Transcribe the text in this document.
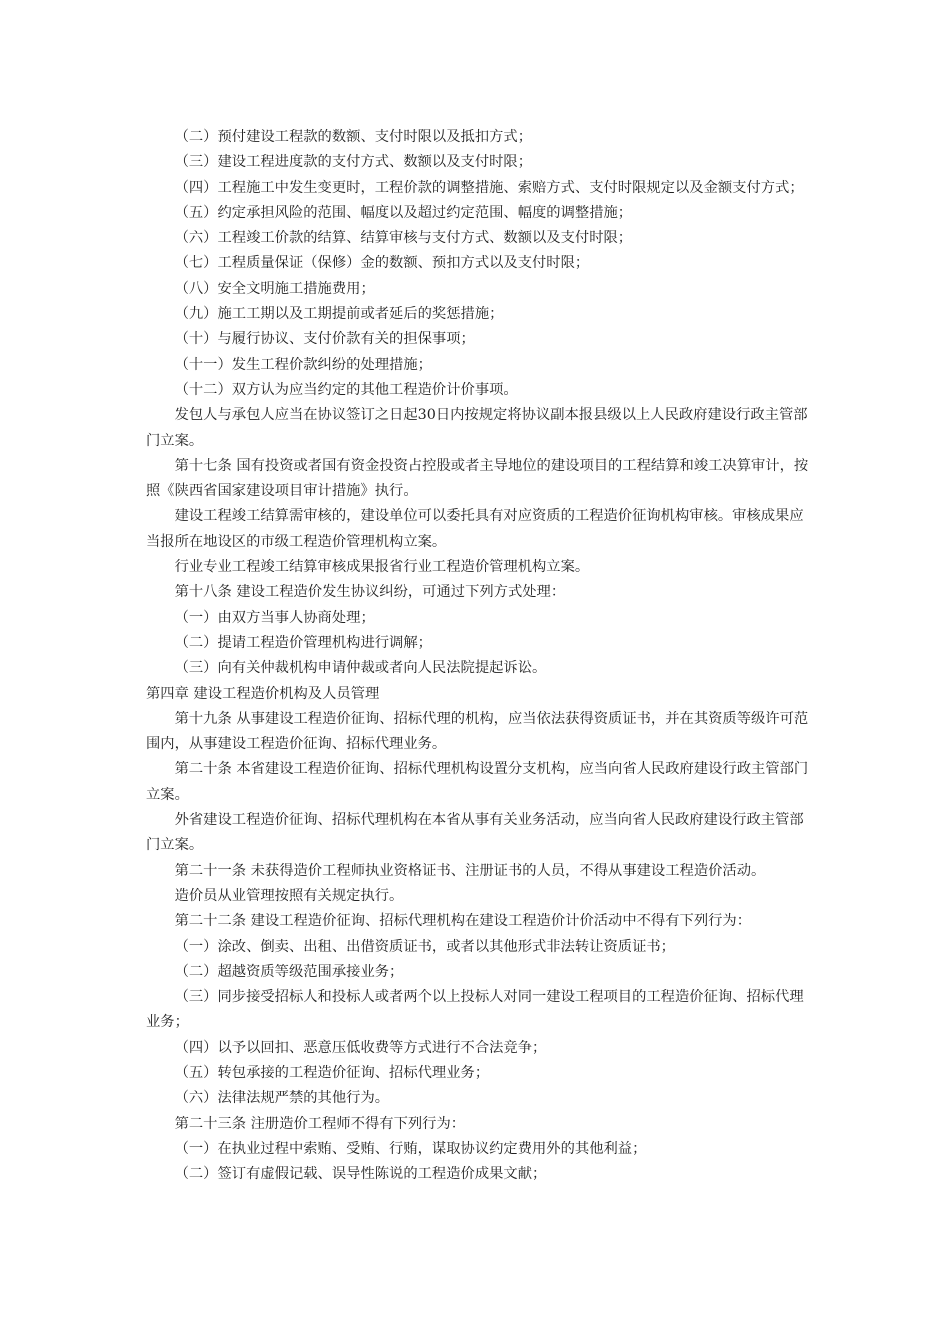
（二）预付建设工程款的数额、支付时限以及抵扣方式；

（三）建设工程进度款的支付方式、数额以及支付时限；

（四）工程施工中发生变更时，工程价款的调整措施、索赔方式、支付时限规定以及金额支付方式；

（五）约定承担风险的范围、幅度以及超过约定范围、幅度的调整措施；

（六）工程竣工价款的结算、结算审核与支付方式、数额以及支付时限；

（七）工程质量保证（保修）金的数额、预扣方式以及支付时限；

（八）安全文明施工措施费用；

（九）施工工期以及工期提前或者延后的奖惩措施；

（十）与履行协议、支付价款有关的担保事项；

（十一）发生工程价款纠纷的处理措施；

（十二）双方认为应当约定的其他工程造价计价事项。

发包人与承包人应当在协议签订之日起30日内按规定将协议副本报县级以上人民政府建设行政主管部门立案。

第十七条 国有投资或者国有资金投资占控股或者主导地位的建设项目的工程结算和竣工决算审计，按照《陕西省国家建设项目审计措施》执行。

建设工程竣工结算需审核的，建设单位可以委托具有对应资质的工程造价征询机构审核。审核成果应当报所在地设区的市级工程造价管理机构立案。

行业专业工程竣工结算审核成果报省行业工程造价管理机构立案。

第十八条 建设工程造价发生协议纠纷，可通过下列方式处理：

（一）由双方当事人协商处理；

（二）提请工程造价管理机构进行调解；

（三）向有关仲裁机构申请仲裁或者向人民法院提起诉讼。

第四章 建设工程造价机构及人员管理

第十九条 从事建设工程造价征询、招标代理的机构，应当依法获得资质证书，并在其资质等级许可范围内，从事建设工程造价征询、招标代理业务。

第二十条 本省建设工程造价征询、招标代理机构设置分支机构，应当向省人民政府建设行政主管部门立案。

外省建设工程造价征询、招标代理机构在本省从事有关业务活动，应当向省人民政府建设行政主管部门立案。

第二十一条 未获得造价工程师执业资格证书、注册证书的人员，不得从事建设工程造价活动。

造价员从业管理按照有关规定执行。

第二十二条 建设工程造价征询、招标代理机构在建设工程造价计价活动中不得有下列行为：

（一）涂改、倒卖、出租、出借资质证书，或者以其他形式非法转让资质证书；

（二）超越资质等级范围承接业务；

（三）同步接受招标人和投标人或者两个以上投标人对同一建设工程项目的工程造价征询、招标代理业务；

（四）以予以回扣、恶意压低收费等方式进行不合法竞争；

（五）转包承接的工程造价征询、招标代理业务；

（六）法律法规严禁的其他行为。

第二十三条 注册造价工程师不得有下列行为：

（一）在执业过程中索贿、受贿、行贿，谋取协议约定费用外的其他利益；

（二）签订有虚假记载、误导性陈说的工程造价成果文献；
